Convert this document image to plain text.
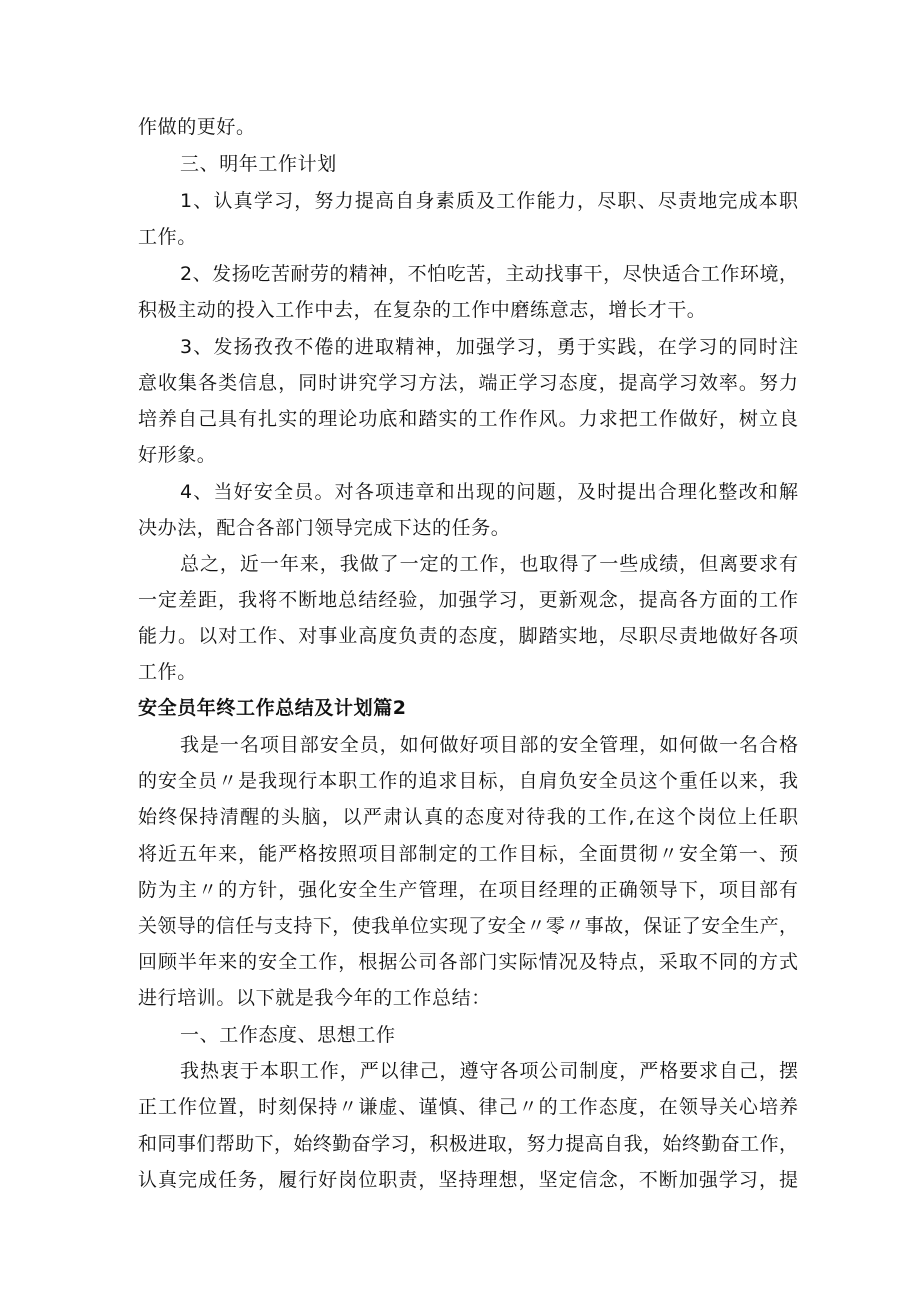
作做的更好。

三、明年工作计划

1、认真学习，努力提高自身素质及工作能力，尽职、尽责地完成本职

工作。

2、发扬吃苦耐劳的精神，不怕吃苦，主动找事干，尽快适合工作环境，

积极主动的投入工作中去，在复杂的工作中磨练意志，增长才干。

3、发扬孜孜不倦的进取精神，加强学习，勇于实践，在学习的同时注

意收集各类信息，同时讲究学习方法，端正学习态度，提高学习效率。努力

培养自己具有扎实的理论功底和踏实的工作作风。力求把工作做好，树立良

好形象。

4、当好安全员。对各项违章和出现的问题，及时提出合理化整改和解

决办法，配合各部门领导完成下达的任务。

总之，近一年来，我做了一定的工作，也取得了一些成绩，但离要求有

一定差距，我将不断地总结经验，加强学习，更新观念，提高各方面的工作

能力。以对工作、对事业高度负责的态度，脚踏实地，尽职尽责地做好各项

工作。

安全员年终工作总结及计划篇2

我是一名项目部安全员，如何做好项目部的安全管理，如何做一名合格

的安全员〃是我现行本职工作的追求目标，自肩负安全员这个重任以来，我

始终保持清醒的头脑，以严肃认真的态度对待我的工作,在这个岗位上任职

将近五年来，能严格按照项目部制定的工作目标，全面贯彻〃安全第一、预

防为主〃的方针，强化安全生产管理，在项目经理的正确领导下，项目部有

关领导的信任与支持下，使我单位实现了安全〃零〃事故，保证了安全生产，

回顾半年来的安全工作，根据公司各部门实际情况及特点，采取不同的方式

进行培训。以下就是我今年的工作总结：

一、工作态度、思想工作

我热衷于本职工作，严以律己，遵守各项公司制度，严格要求自己，摆

正工作位置，时刻保持〃谦虚、谨慎、律己〃的工作态度，在领导关心培养

和同事们帮助下，始终勤奋学习，积极进取，努力提高自我，始终勤奋工作，

认真完成任务，履行好岗位职责，坚持理想，坚定信念，不断加强学习，提
